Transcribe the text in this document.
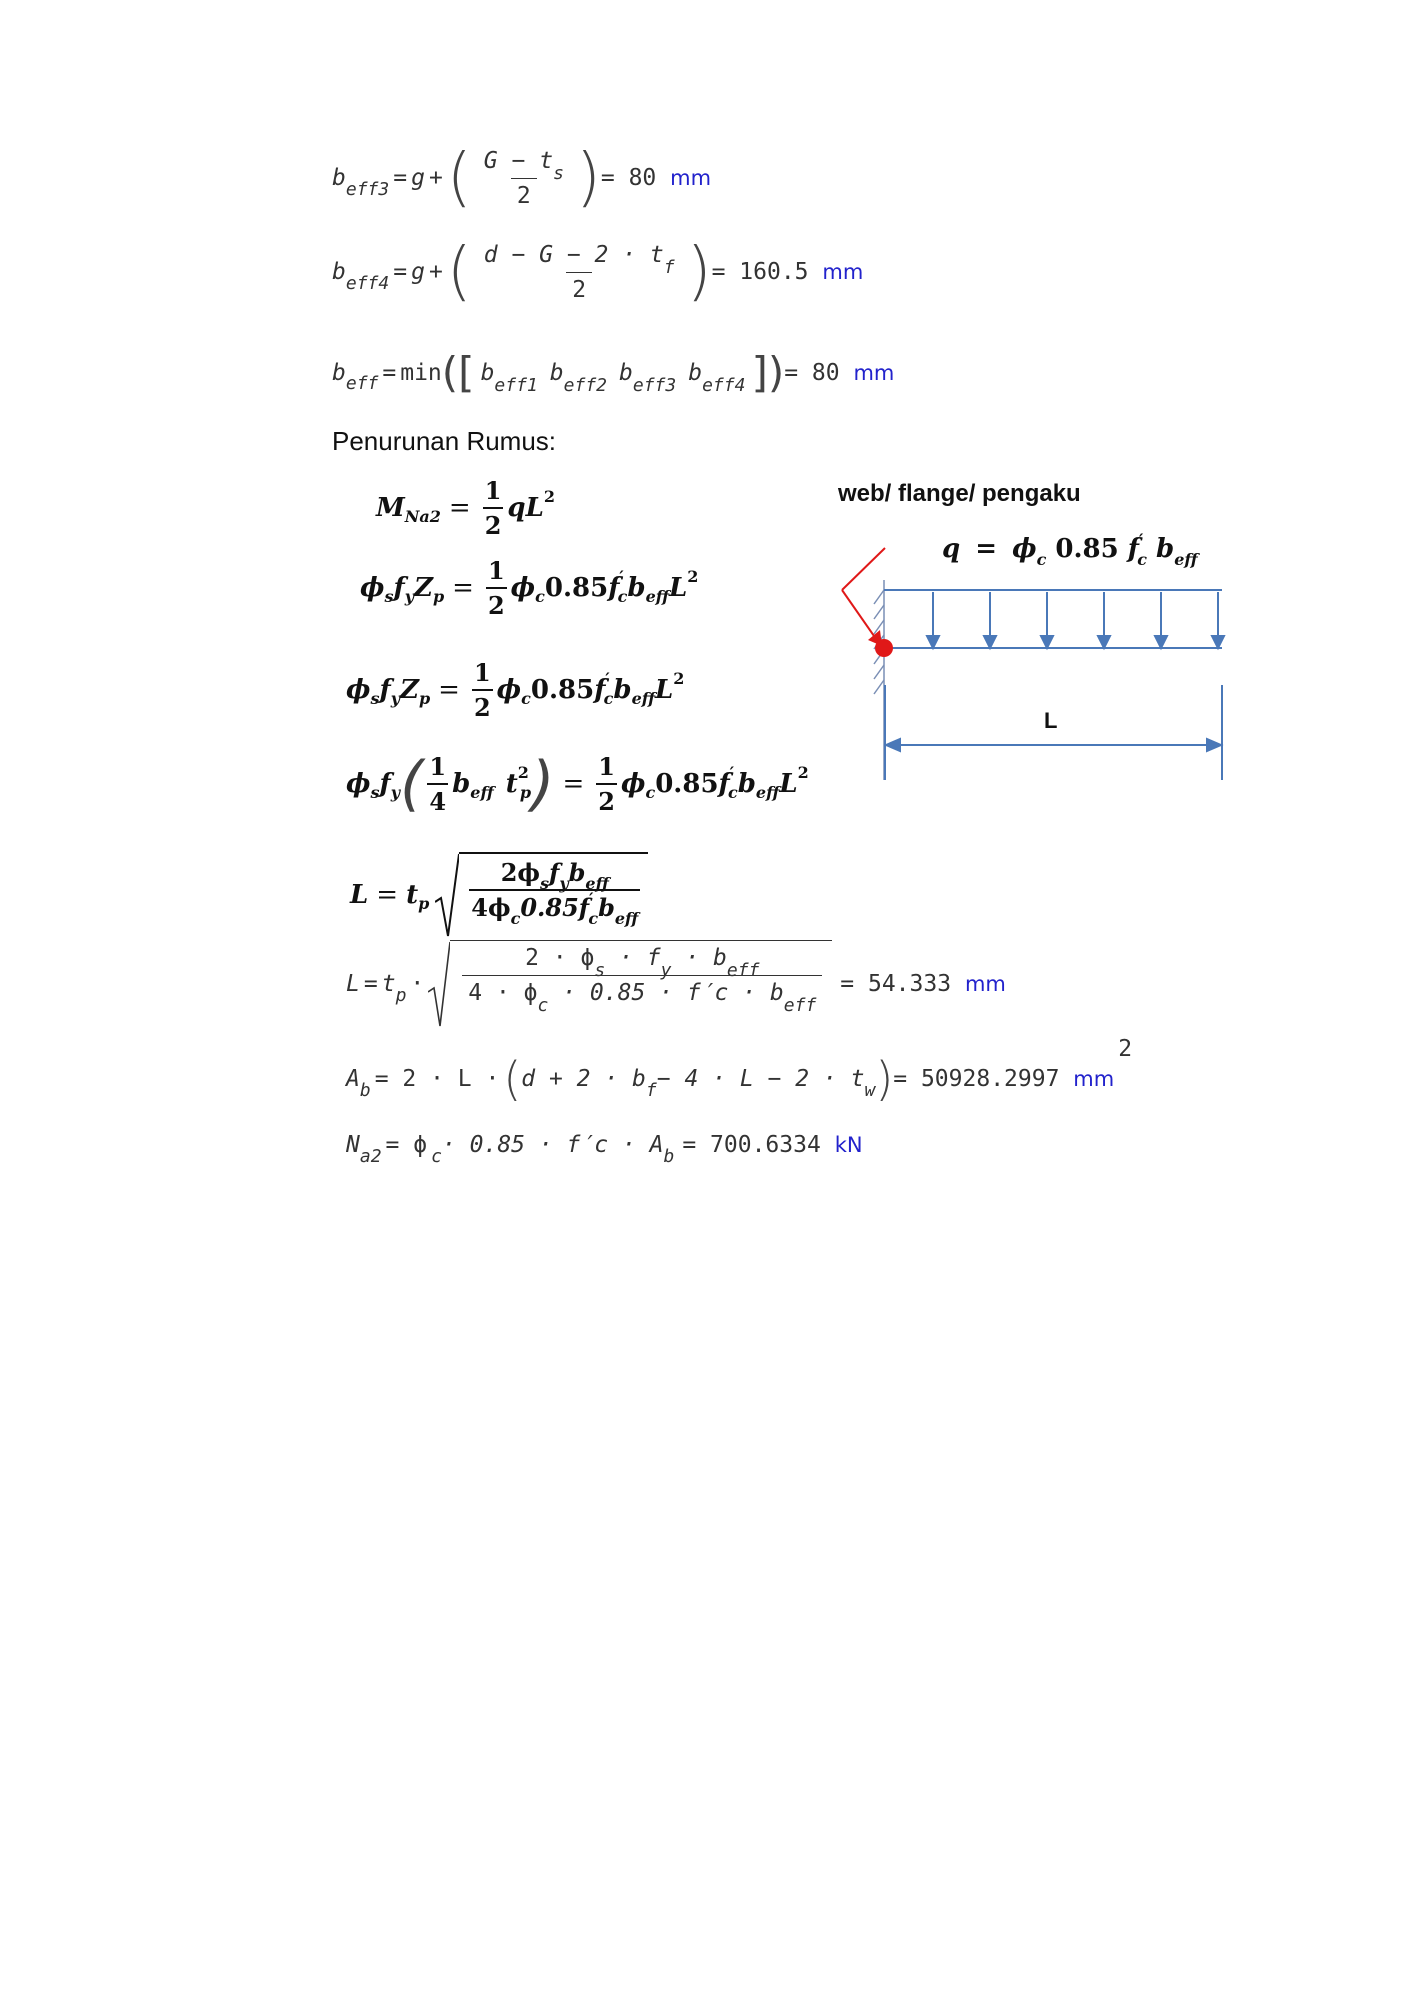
b eff3 = g + ( $\frac{G - t_s}{2}$ ) = 80
mm
b eff4 = g + ( $\frac{d - G - 2 \cdot t_f}{2}$ ) = 160.5
mm
b eff = min ( [ $b_{eff1}$ $b_{eff2}$ $b_{eff3}$ $b_{eff4}$ ] ) = 80
mm
Penurunan Rumus:
M $Na2 = \frac{1}{2}$ qL 2
ϕ s f y Z $p = \frac{1}{2}$ ϕ c 0.85 f ′
c b eff L 2
ϕ s f y Z $p = \frac{1}{2}$ ϕ c 0.85 f ′
c b eff L 2
ϕ s f y ( $\frac{1}{4}$ b eff t 2
p ) = $\frac{1}{2}$ ϕ c 0.85 f ′
c b eff L 2
L = t p
$2\phi_sf_yb_{eff}$
$4\phi_c0.85f'_cb_{eff}$
web/ flange/ pengaku
$q = \phi_c$ 0.85 $f'_c$ $b_{eff}$
L
L = t $p \cdot \frac{2 \cdot \phi_s \cdot f_y \cdot b_{eff}}{4 \cdot \phi_c \cdot 0.85 \cdot f'c \cdot b_{eff}} = 54.333$
mm
A b = 2 · L · ( d + 2 · b f − 4 · L − 2 · t w ) = 50928.2997
mm
2
N a2 = ϕ c · 0.85 · f′c · A b = 700.6334
kN
